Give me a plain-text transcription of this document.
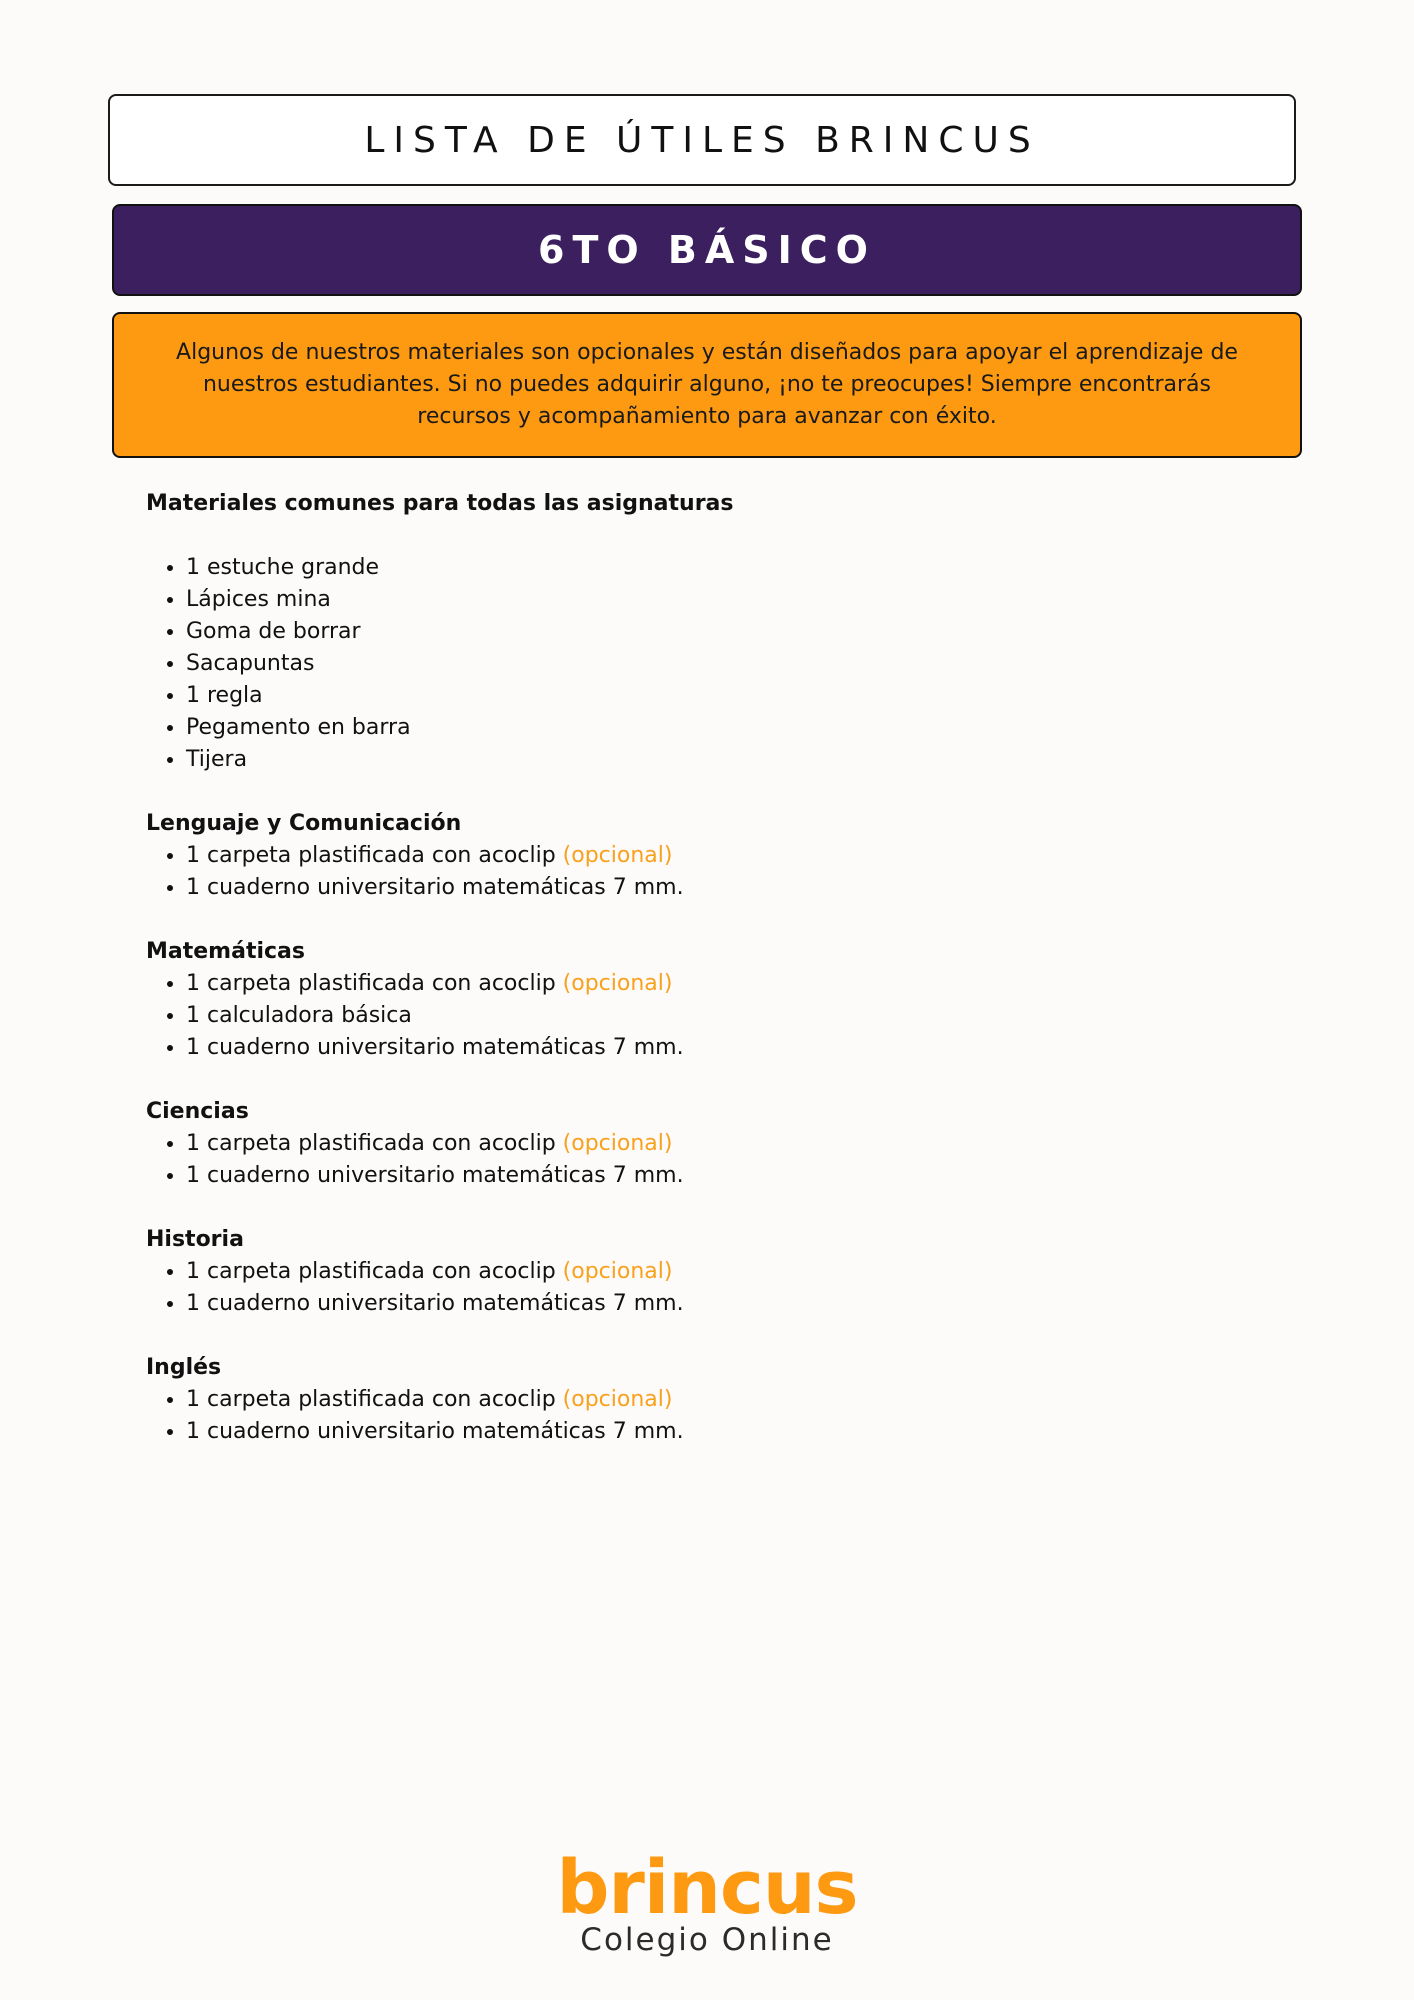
LISTA DE ÚTILES BRINCUS
6TO BÁSICO
Algunos de nuestros materiales son opcionales y están diseñados para apoyar el aprendizaje de nuestros estudiantes. Si no puedes adquirir alguno, ¡no te preocupes! Siempre encontrarás recursos y acompañamiento para avanzar con éxito.

Materiales comunes para todas las asignaturas

• 1 estuche grande
• Lápices mina
• Goma de borrar
• Sacapuntas
• 1 regla
• Pegamento en barra
• Tijera

Lenguaje y Comunicación

• 1 carpeta plastificada con acoclip (opcional)
• 1 cuaderno universitario matemáticas 7 mm.

Matemáticas

• 1 carpeta plastificada con acoclip (opcional)
• 1 calculadora básica
• 1 cuaderno universitario matemáticas 7 mm.

Ciencias

• 1 carpeta plastificada con acoclip (opcional)
• 1 cuaderno universitario matemáticas 7 mm.

Historia

• 1 carpeta plastificada con acoclip (opcional)
• 1 cuaderno universitario matemáticas 7 mm.

Inglés

• 1 carpeta plastificada con acoclip (opcional)
• 1 cuaderno universitario matemáticas 7 mm.
brincus
Colegio Online
